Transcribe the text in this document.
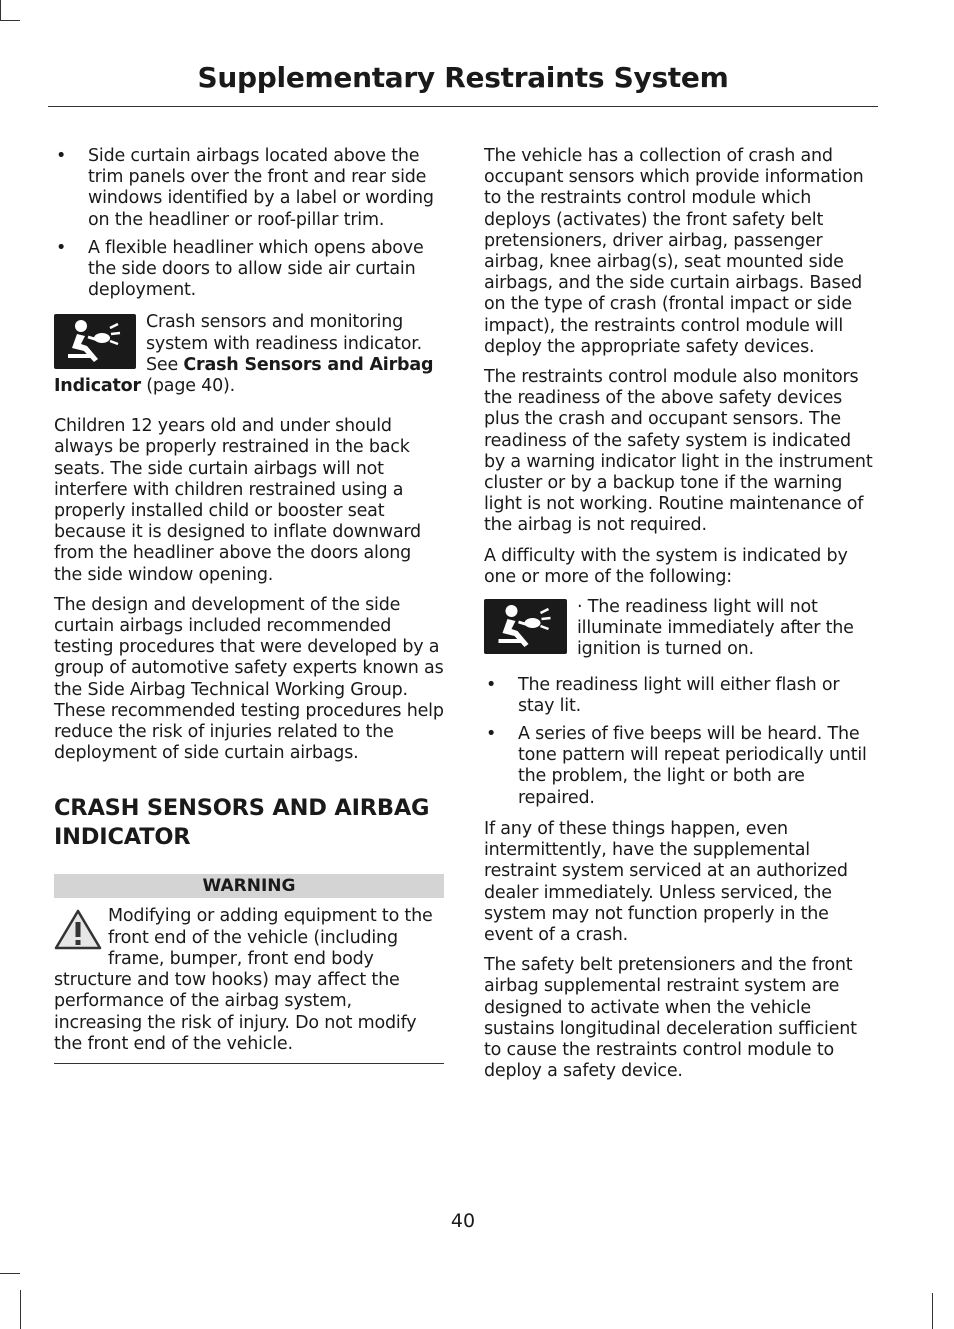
Supplementary Restraints System
• Side curtain airbags located above the trim panels over the front and rear side windows identified by a label or wording on the headliner or roof-pillar trim.
• A flexible headliner which opens above the side doors to allow side air curtain deployment.
Crash sensors and monitoring system with readiness indicator. See Crash Sensors and Airbag Indicator (page 40).

Children 12 years old and under should always be properly restrained in the back seats. The side curtain airbags will not interfere with children restrained using a properly installed child or booster seat because it is designed to inflate downward from the headliner above the doors along the side window opening.

The design and development of the side curtain airbags included recommended testing procedures that were developed by a group of automotive safety experts known as the Side Airbag Technical Working Group. These recommended testing procedures help reduce the risk of injuries related to the deployment of side curtain airbags.

CRASH SENSORS AND AIRBAG INDICATOR
WARNING
Modifying or adding equipment to the front end of the vehicle (including frame, bumper, front end body structure and tow hooks) may affect the performance of the airbag system, increasing the risk of injury. Do not modify the front end of the vehicle.

The vehicle has a collection of crash and occupant sensors which provide information to the restraints control module which deploys (activates) the front safety belt pretensioners, driver airbag, passenger airbag, knee airbag(s), seat mounted side airbags, and the side curtain airbags. Based on the type of crash (frontal impact or side impact), the restraints control module will deploy the appropriate safety devices.

The restraints control module also monitors the readiness of the above safety devices plus the crash and occupant sensors. The readiness of the safety system is indicated by a warning indicator light in the instrument cluster or by a backup tone if the warning light is not working. Routine maintenance of the airbag is not required.

A difficulty with the system is indicated by one or more of the following:

· The readiness light will not illuminate immediately after the ignition is turned on.
• The readiness light will either flash or stay lit.
• A series of five beeps will be heard. The tone pattern will repeat periodically until the problem, the light or both are repaired.

If any of these things happen, even intermittently, have the supplemental restraint system serviced at an authorized dealer immediately. Unless serviced, the system may not function properly in the event of a crash.

The safety belt pretensioners and the front airbag supplemental restraint system are designed to activate when the vehicle sustains longitudinal deceleration sufficient to cause the restraints control module to deploy a safety device.

40
